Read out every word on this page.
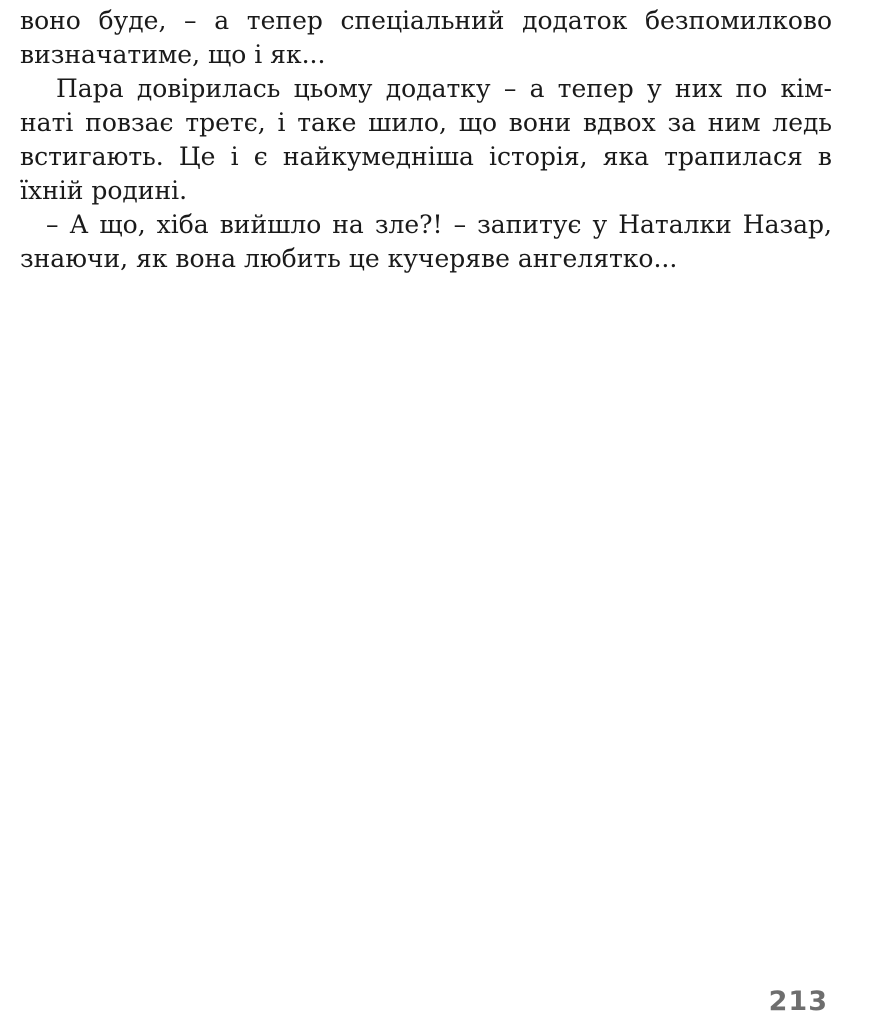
воно буде, – а тепер спеціальний додаток безпомилково
визначатиме, що і як...
Пара довірилась цьому додатку – а тепер у них по кім-
наті повзає третє, і таке шило, що вони вдвох за ним ледь
встигають. Це і є найкумедніша історія, яка трапилася в
їхній родині.
– А що, хіба вийшло на зле?! – запитує у Наталки Назар,
знаючи, як вона любить це кучеряве ангелятко...
213
